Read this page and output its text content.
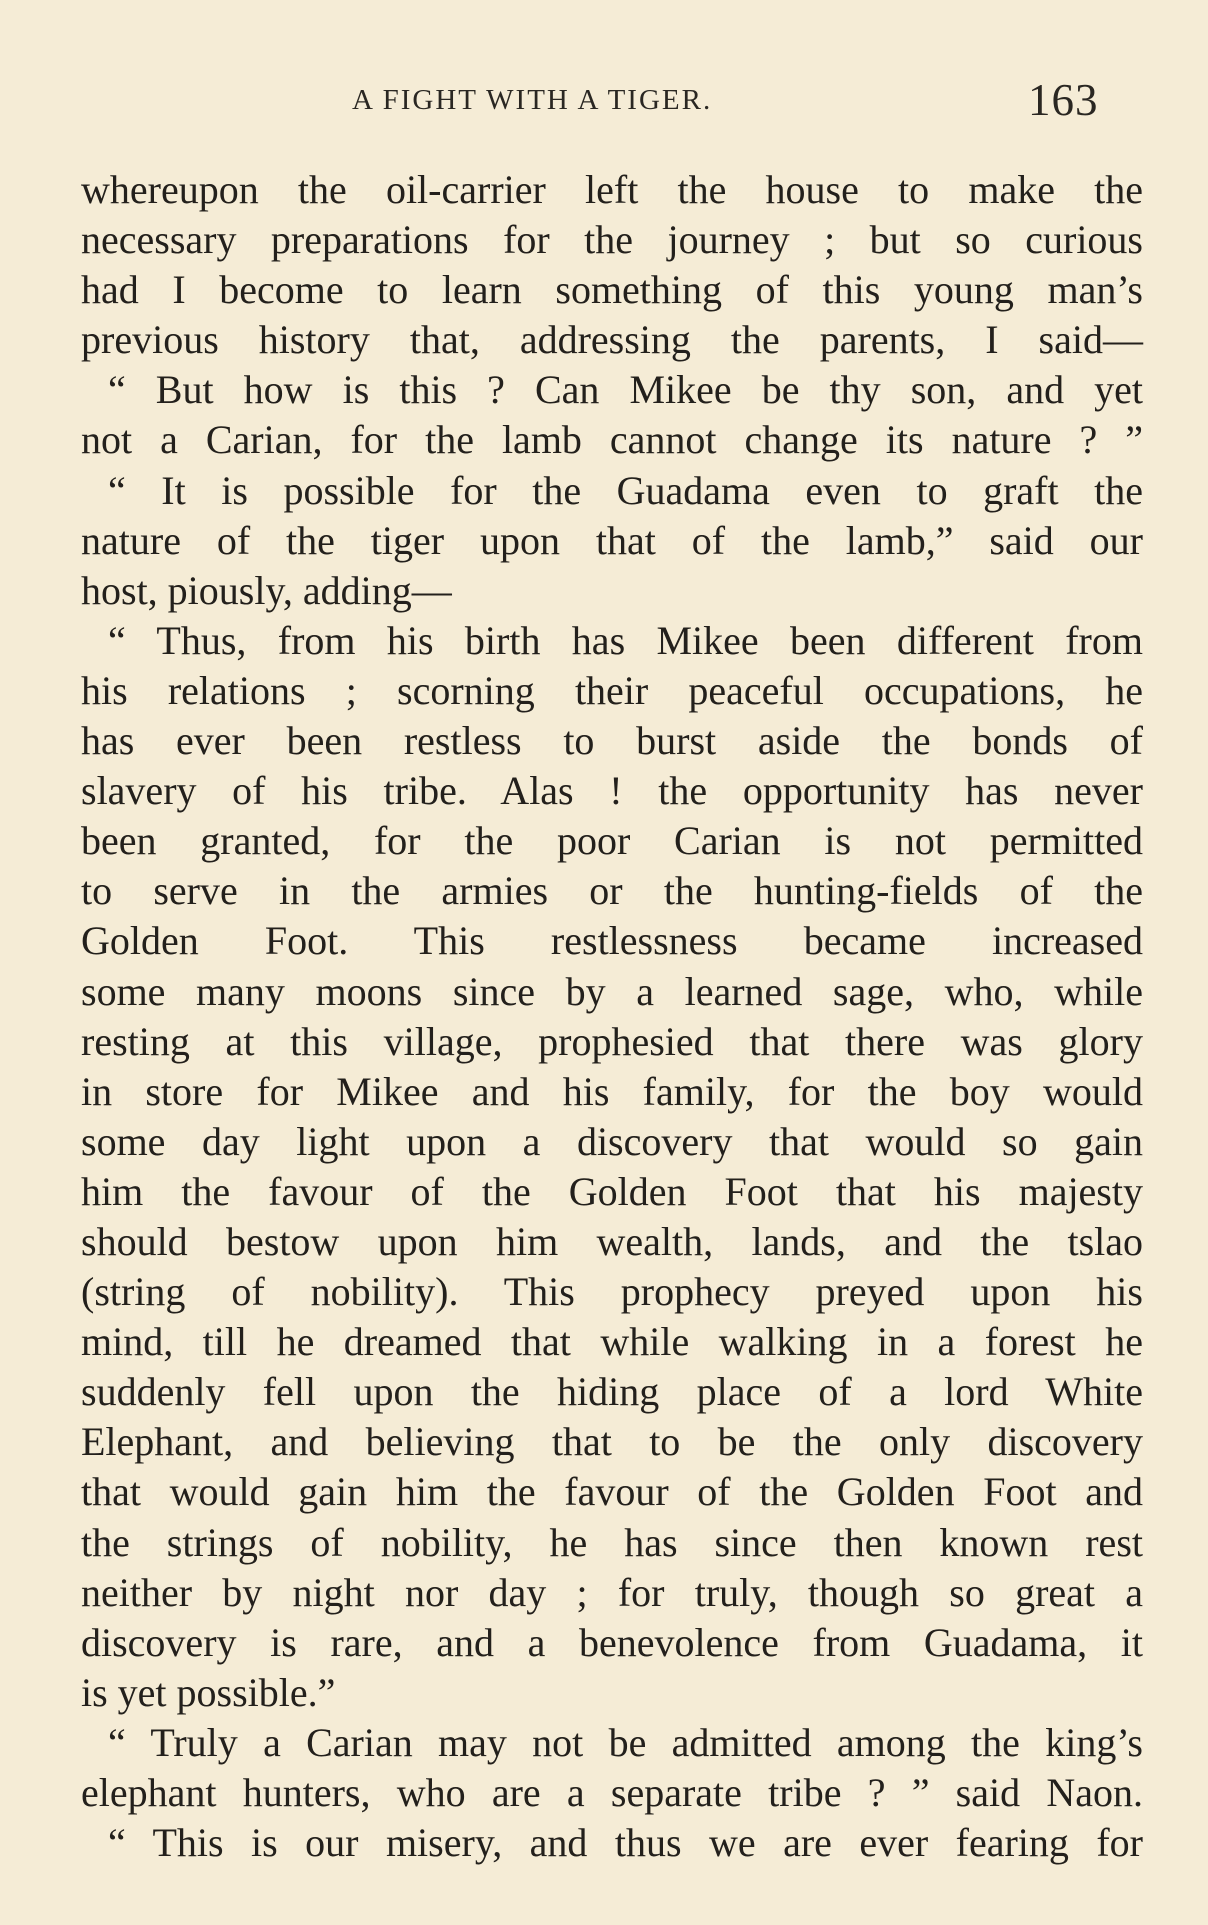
A FIGHT WITH A TIGER.	163
whereupon the oil-carrier left the house to make the
necessary preparations for the journey ; but so curious
had I become to learn something of this young man’s
previous history that, addressing the parents, I said—
“ But how is this ? Can Mikee be thy son, and yet
not a Carian, for the lamb cannot change its nature ? ”
“ It is possible for the Guadama even to graft the
nature of the tiger upon that of the lamb,” said our
host, piously, adding—
“ Thus, from his birth has Mikee been different from
his relations ; scorning their peaceful occupations, he
has ever been restless to burst aside the bonds of
slavery of his tribe. Alas ! the opportunity has never
been granted, for the poor Carian is not permitted
to serve in the armies or the hunting-fields of the
Golden Foot. This restlessness became increased
some many moons since by a learned sage, who, while
resting at this village, prophesied that there was glory
in store for Mikee and his family, for the boy would
some day light upon a discovery that would so gain
him the favour of the Golden Foot that his majesty
should bestow upon him wealth, lands, and the tslao
(string of nobility). This prophecy preyed upon his
mind, till he dreamed that while walking in a forest he
suddenly fell upon the hiding place of a lord White
Elephant, and believing that to be the only discovery
that would gain him the favour of the Golden Foot and
the strings of nobility, he has since then known rest
neither by night nor day ; for truly, though so great a
discovery is rare, and a benevolence from Guadama, it
is yet possible.”
“ Truly a Carian may not be admitted among the king’s
elephant hunters, who are a separate tribe ? ” said Naon.
“ This is our misery, and thus we are ever fearing for
